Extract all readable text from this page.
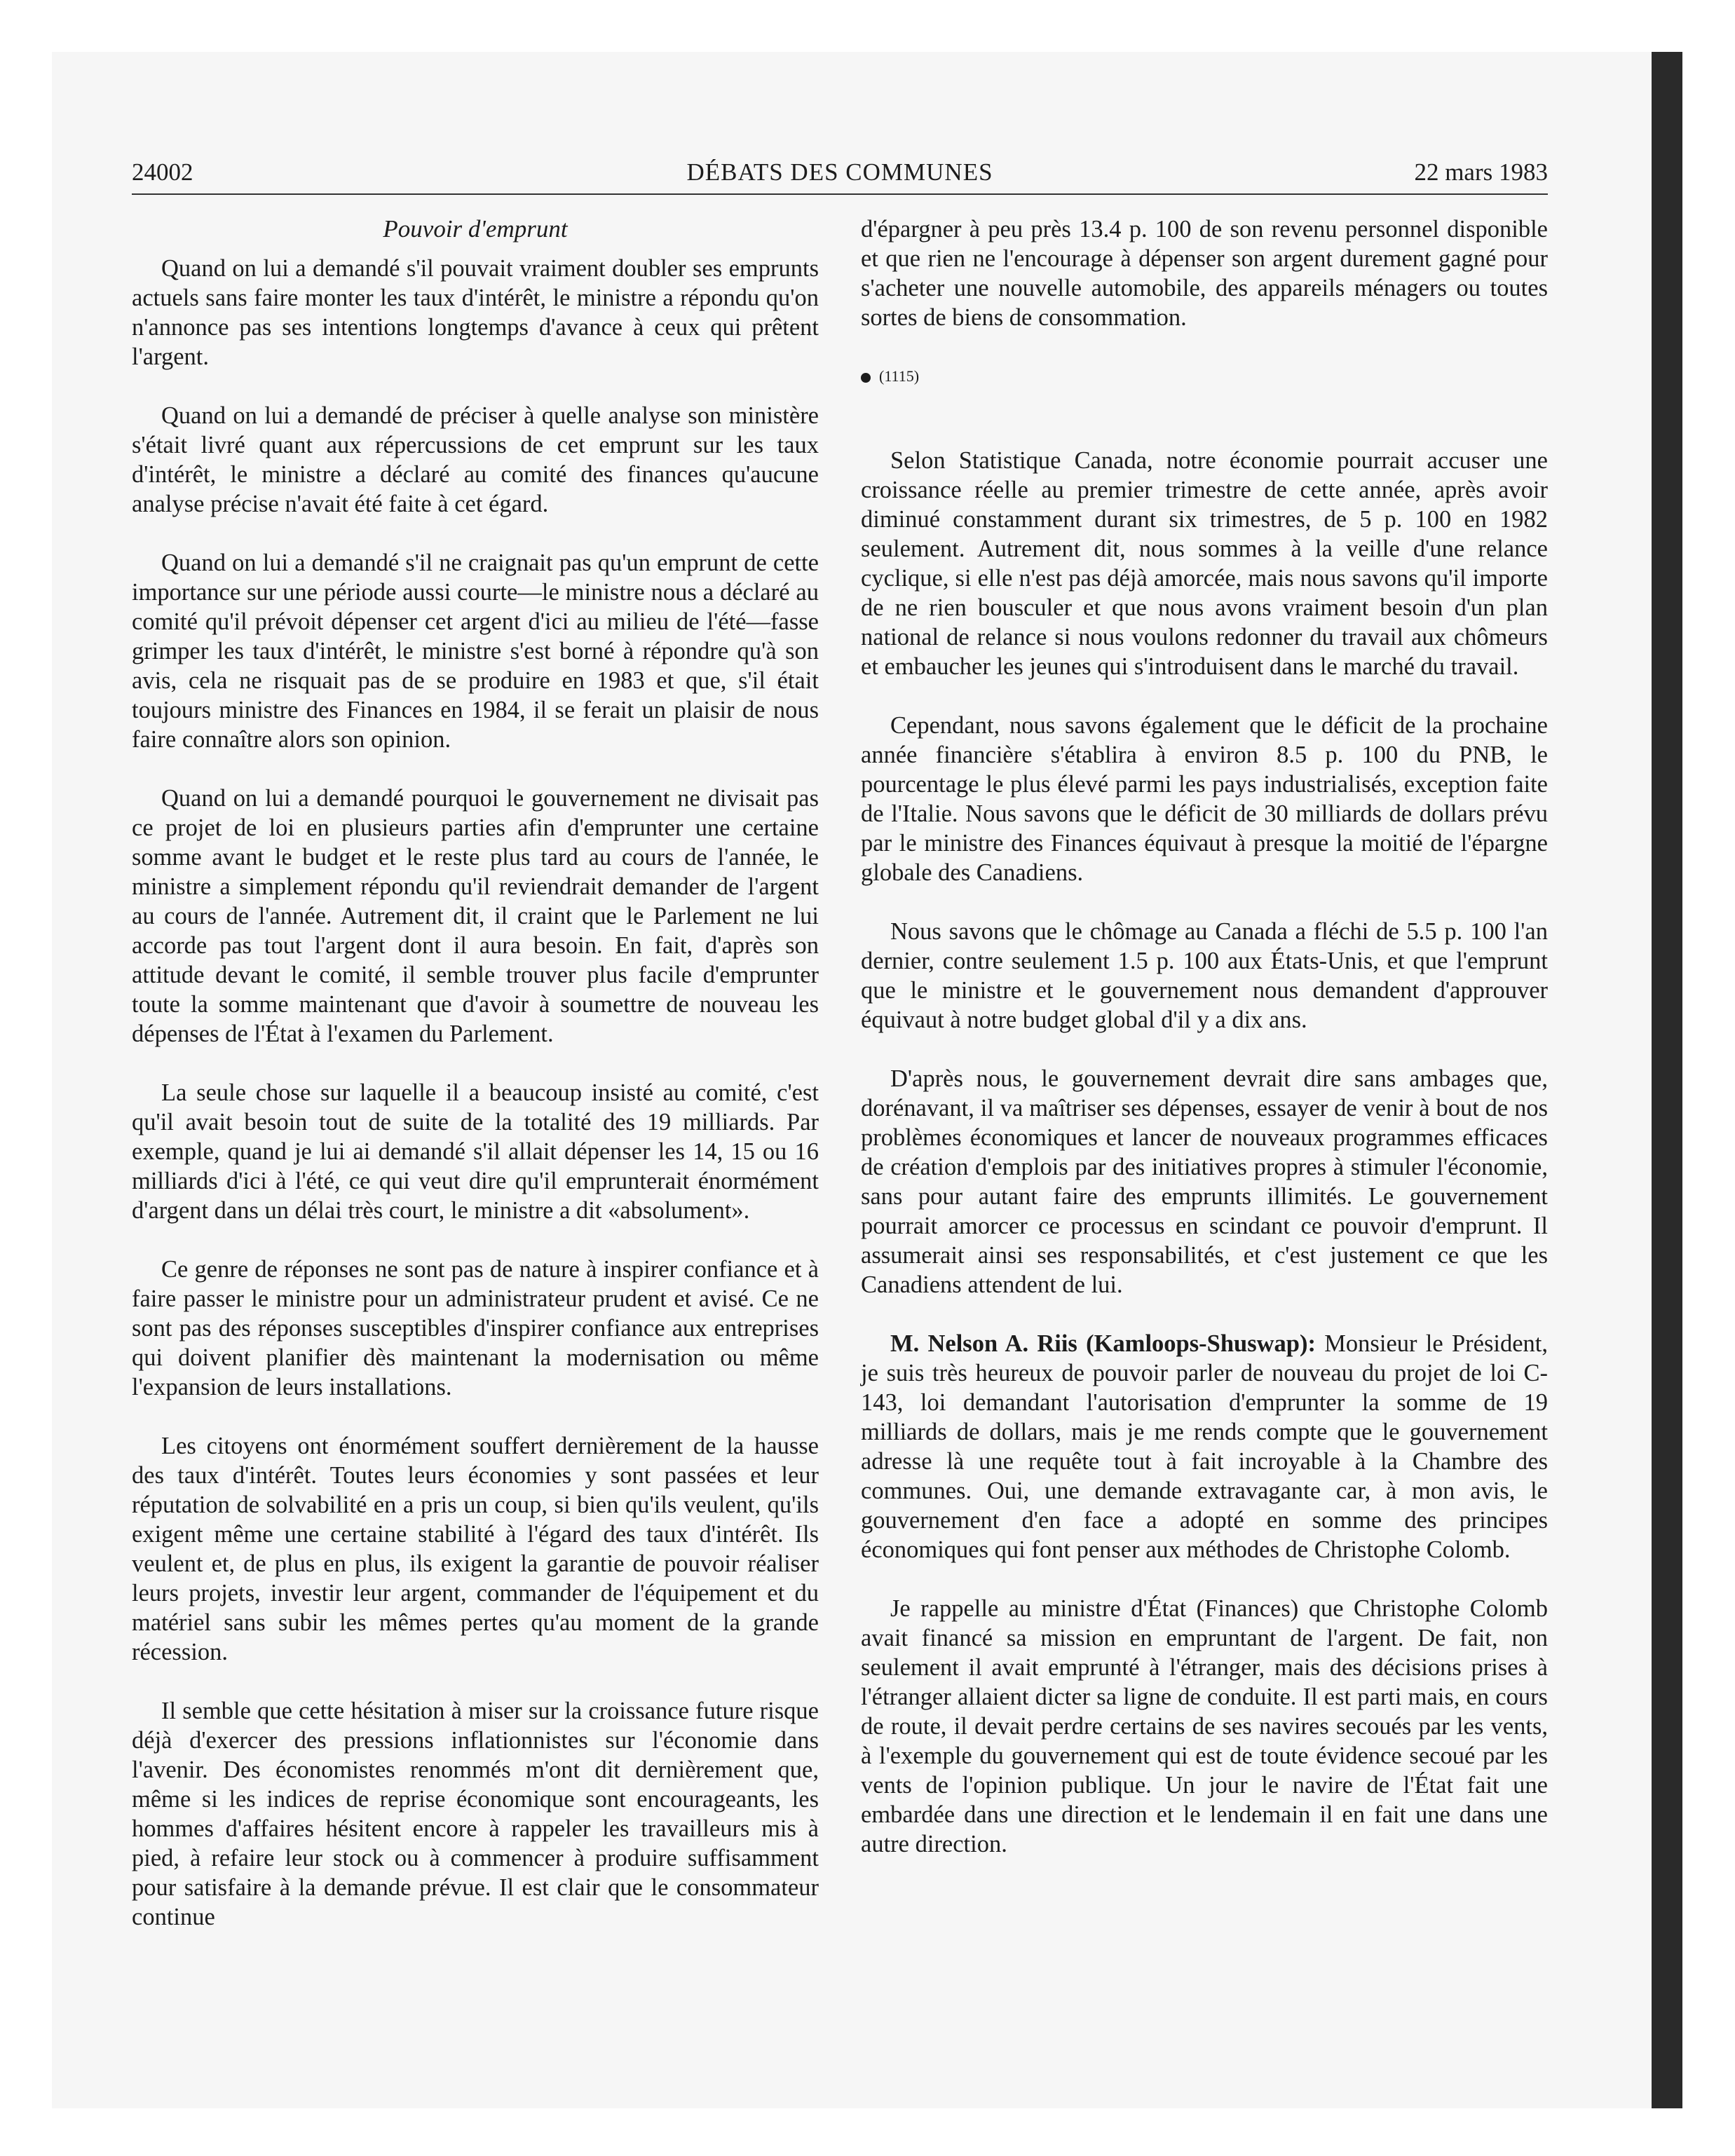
24002	DÉBATS DES COMMUNES	22 mars 1983
Pouvoir d'emprunt

Quand on lui a demandé s'il pouvait vraiment doubler ses emprunts actuels sans faire monter les taux d'intérêt, le ministre a répondu qu'on n'annonce pas ses intentions longtemps d'avance à ceux qui prêtent l'argent.

Quand on lui a demandé de préciser à quelle analyse son ministère s'était livré quant aux répercussions de cet emprunt sur les taux d'intérêt, le ministre a déclaré au comité des finances qu'aucune analyse précise n'avait été faite à cet égard.

Quand on lui a demandé s'il ne craignait pas qu'un emprunt de cette importance sur une période aussi courte—le ministre nous a déclaré au comité qu'il prévoit dépenser cet argent d'ici au milieu de l'été—fasse grimper les taux d'intérêt, le ministre s'est borné à répondre qu'à son avis, cela ne risquait pas de se produire en 1983 et que, s'il était toujours ministre des Finances en 1984, il se ferait un plaisir de nous faire connaître alors son opinion.

Quand on lui a demandé pourquoi le gouvernement ne divisait pas ce projet de loi en plusieurs parties afin d'emprunter une certaine somme avant le budget et le reste plus tard au cours de l'année, le ministre a simplement répondu qu'il reviendrait demander de l'argent au cours de l'année. Autrement dit, il craint que le Parlement ne lui accorde pas tout l'argent dont il aura besoin. En fait, d'après son attitude devant le comité, il semble trouver plus facile d'emprunter toute la somme maintenant que d'avoir à soumettre de nouveau les dépenses de l'État à l'examen du Parlement.

La seule chose sur laquelle il a beaucoup insisté au comité, c'est qu'il avait besoin tout de suite de la totalité des 19 milliards. Par exemple, quand je lui ai demandé s'il allait dépenser les 14, 15 ou 16 milliards d'ici à l'été, ce qui veut dire qu'il emprunterait énormément d'argent dans un délai très court, le ministre a dit «absolument».

Ce genre de réponses ne sont pas de nature à inspirer confiance et à faire passer le ministre pour un administrateur prudent et avisé. Ce ne sont pas des réponses susceptibles d'inspirer confiance aux entreprises qui doivent planifier dès maintenant la modernisation ou même l'expansion de leurs installations.

Les citoyens ont énormément souffert dernièrement de la hausse des taux d'intérêt. Toutes leurs économies y sont passées et leur réputation de solvabilité en a pris un coup, si bien qu'ils veulent, qu'ils exigent même une certaine stabilité à l'égard des taux d'intérêt. Ils veulent et, de plus en plus, ils exigent la garantie de pouvoir réaliser leurs projets, investir leur argent, commander de l'équipement et du matériel sans subir les mêmes pertes qu'au moment de la grande récession.

Il semble que cette hésitation à miser sur la croissance future risque déjà d'exercer des pressions inflationnistes sur l'économie dans l'avenir. Des économistes renommés m'ont dit dernièrement que, même si les indices de reprise économique sont encourageants, les hommes d'affaires hésitent encore à rappeler les travailleurs mis à pied, à refaire leur stock ou à commencer à produire suffisamment pour satisfaire à la demande prévue. Il est clair que le consommateur continue

d'épargner à peu près 13.4 p. 100 de son revenu personnel disponible et que rien ne l'encourage à dépenser son argent durement gagné pour s'acheter une nouvelle automobile, des appareils ménagers ou toutes sortes de biens de consommation.

(1115)

Selon Statistique Canada, notre économie pourrait accuser une croissance réelle au premier trimestre de cette année, après avoir diminué constamment durant six trimestres, de 5 p. 100 en 1982 seulement. Autrement dit, nous sommes à la veille d'une relance cyclique, si elle n'est pas déjà amorcée, mais nous savons qu'il importe de ne rien bousculer et que nous avons vraiment besoin d'un plan national de relance si nous voulons redonner du travail aux chômeurs et embaucher les jeunes qui s'introduisent dans le marché du travail.

Cependant, nous savons également que le déficit de la prochaine année financière s'établira à environ 8.5 p. 100 du PNB, le pourcentage le plus élevé parmi les pays industrialisés, exception faite de l'Italie. Nous savons que le déficit de 30 milliards de dollars prévu par le ministre des Finances équivaut à presque la moitié de l'épargne globale des Canadiens.

Nous savons que le chômage au Canada a fléchi de 5.5 p. 100 l'an dernier, contre seulement 1.5 p. 100 aux États-Unis, et que l'emprunt que le ministre et le gouvernement nous demandent d'approuver équivaut à notre budget global d'il y a dix ans.

D'après nous, le gouvernement devrait dire sans ambages que, dorénavant, il va maîtriser ses dépenses, essayer de venir à bout de nos problèmes économiques et lancer de nouveaux programmes efficaces de création d'emplois par des initiatives propres à stimuler l'économie, sans pour autant faire des emprunts illimités. Le gouvernement pourrait amorcer ce processus en scindant ce pouvoir d'emprunt. Il assumerait ainsi ses responsabilités, et c'est justement ce que les Canadiens attendent de lui.

M. Nelson A. Riis (Kamloops-Shuswap): Monsieur le Président, je suis très heureux de pouvoir parler de nouveau du projet de loi C-143, loi demandant l'autorisation d'emprunter la somme de 19 milliards de dollars, mais je me rends compte que le gouvernement adresse là une requête tout à fait incroyable à la Chambre des communes. Oui, une demande extravagante car, à mon avis, le gouvernement d'en face a adopté en somme des principes économiques qui font penser aux méthodes de Christophe Colomb.

Je rappelle au ministre d'État (Finances) que Christophe Colomb avait financé sa mission en empruntant de l'argent. De fait, non seulement il avait emprunté à l'étranger, mais des décisions prises à l'étranger allaient dicter sa ligne de conduite. Il est parti mais, en cours de route, il devait perdre certains de ses navires secoués par les vents, à l'exemple du gouvernement qui est de toute évidence secoué par les vents de l'opinion publique. Un jour le navire de l'État fait une embardée dans une direction et le lendemain il en fait une dans une autre direction.
